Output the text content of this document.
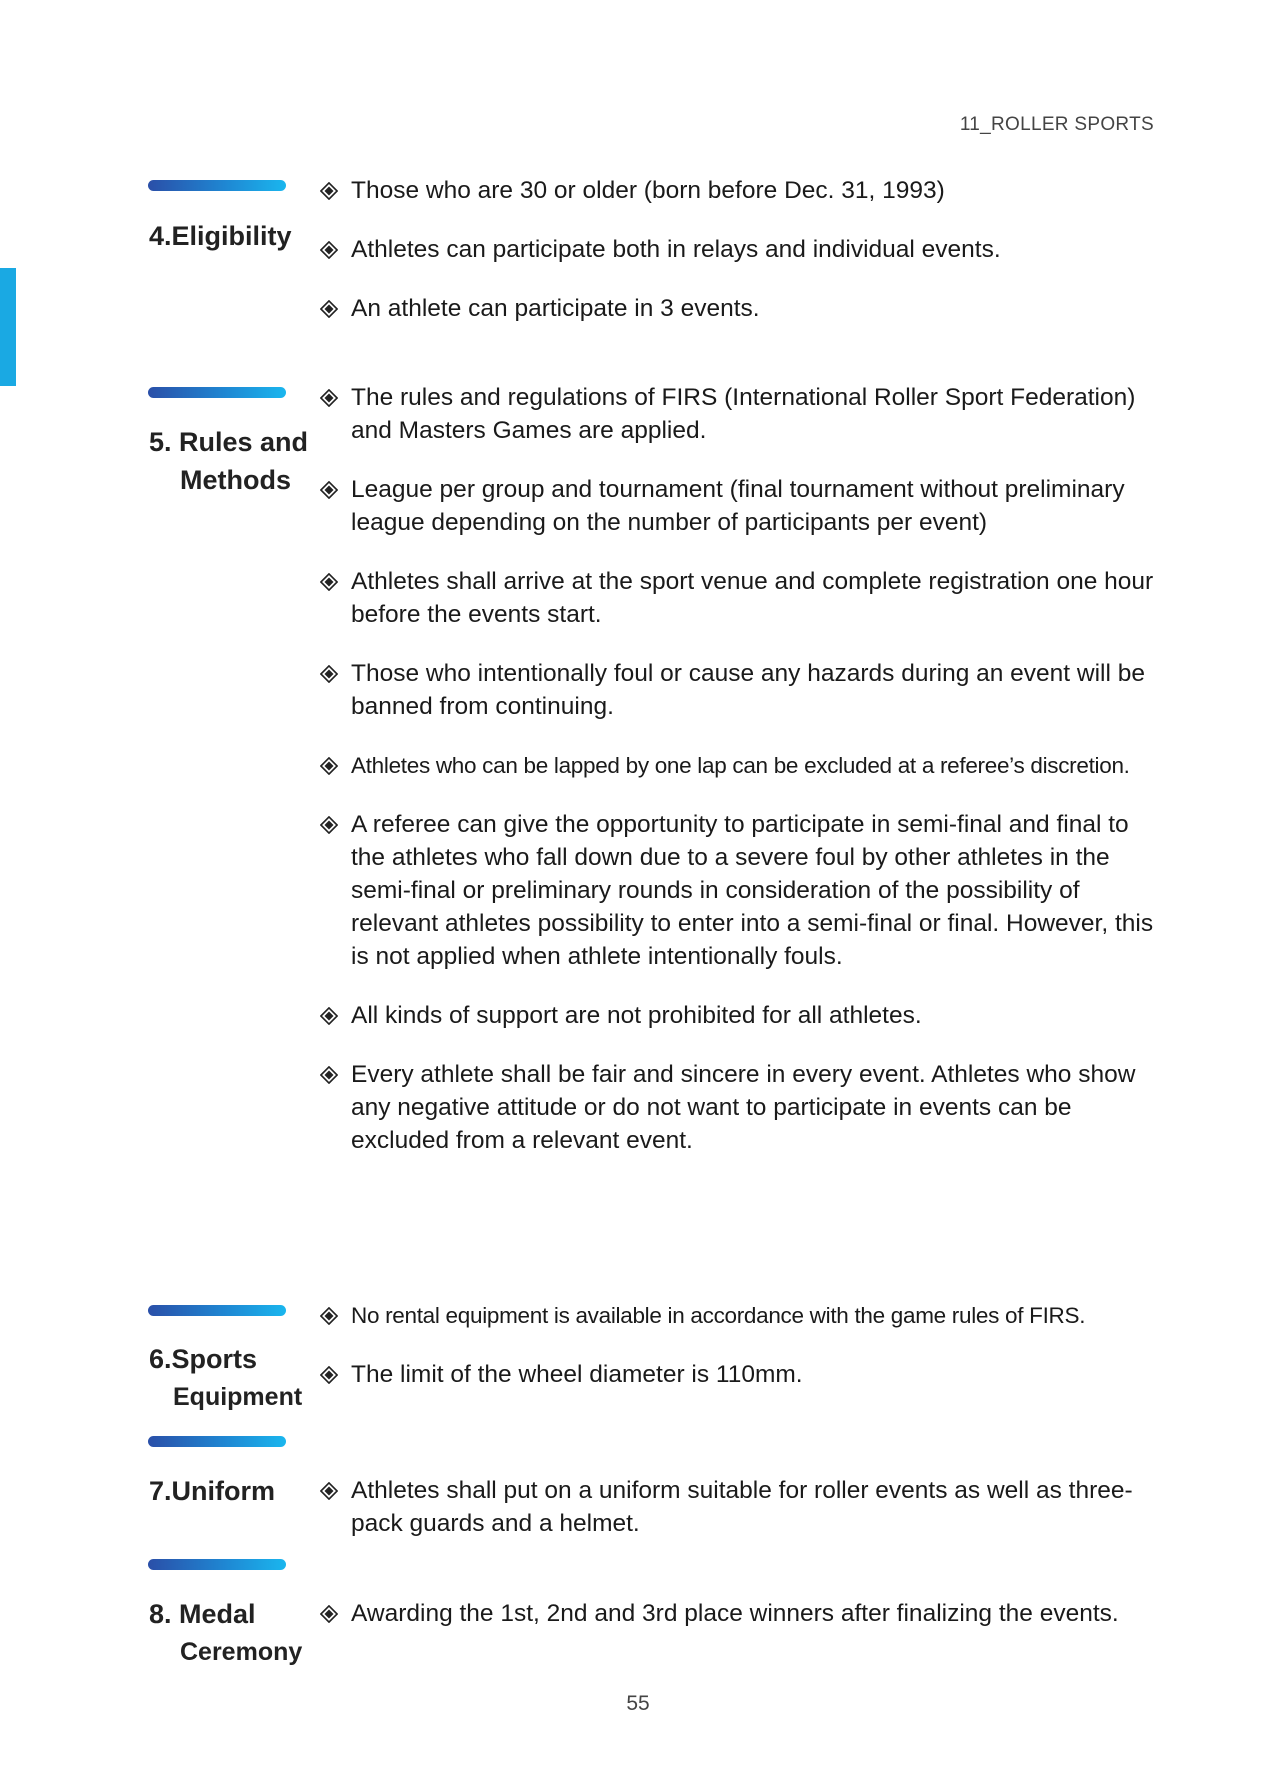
11_ROLLER SPORTS
4.Eligibility
Those who are 30 or older (born before Dec. 31, 1993)
Athletes can participate both in relays and individual events.
An athlete can participate in 3 events.
5. Rules and
Methods
The rules and regulations of FIRS (International Roller Sport Federation) and Masters Games are applied.
League per group and tournament (final tournament without preliminary league depending on the number of participants per event)
Athletes shall arrive at the sport venue and complete registration one hour before the events start.
Those who intentionally foul or cause any hazards during an event will be banned from continuing.
Athletes who can be lapped by one lap can be excluded at a referee’s discretion.
A referee can give the opportunity to participate in semi-final and final to the athletes who fall down due to a severe foul by other athletes in the semi-final or preliminary rounds in consideration of the possibility of relevant athletes possibility to enter into a semi-final or final. However, this is not applied when athlete intentionally fouls.
All kinds of support are not prohibited for all athletes.
Every athlete shall be fair and sincere in every event. Athletes who show any negative attitude or do not want to participate in events can be excluded from a relevant event.
6.Sports
Equipment
No rental equipment is available in accordance with the game rules of FIRS.
The limit of the wheel diameter is 110mm.
7.Uniform	Athletes shall put on a uniform suitable for roller events as well as three-pack guards and a helmet.
8. Medal
Ceremony
Awarding the 1st, 2nd and 3rd place winners after finalizing the events.
55
